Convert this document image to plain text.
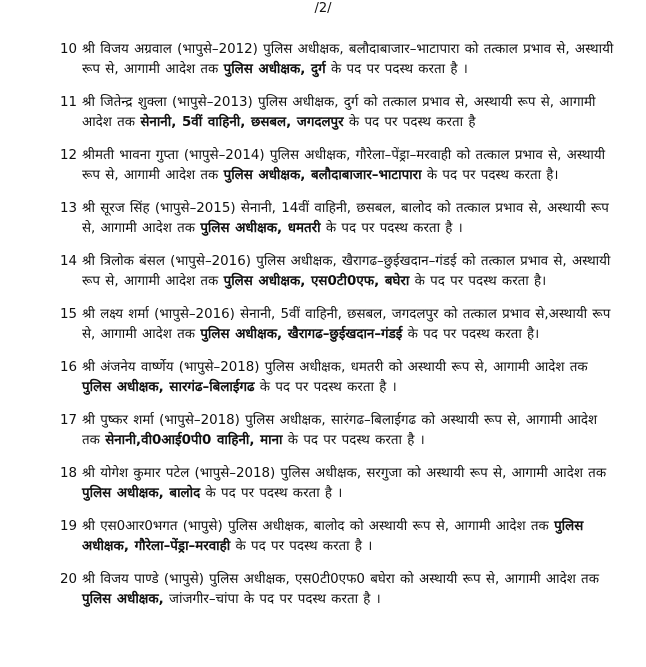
/2/
10 श्री विजय अग्रवाल (भापुसे–2012) पुलिस अधीक्षक, बलौदाबाजार–भाटापारा को तत्काल प्रभाव से, अस्थायी रूप से, आगामी आदेश तक पुलिस अधीक्षक, दुर्ग के पद पर पदस्थ करता है ।
11 श्री जितेन्द्र शुक्ला (भापुसे–2013) पुलिस अधीक्षक, दुर्ग को तत्काल प्रभाव से, अस्थायी रूप से, आगामी आदेश तक सेनानी, 5वीं वाहिनी, छसबल, जगदलपुर के पद पर पदस्थ करता है
12 श्रीमती भावना गुप्ता (भापुसे–2014) पुलिस अधीक्षक, गौरेला–पेंड्रा–मरवाही को तत्काल प्रभाव से, अस्थायी रूप से, आगामी आदेश तक पुलिस अधीक्षक, बलौदाबाजार–भाटापारा के पद पर पदस्थ करता है।
13 श्री सूरज सिंह (भापुसे–2015) सेनानी, 14वीं वाहिनी, छसबल, बालोद को तत्काल प्रभाव से, अस्थायी रूप से, आगामी आदेश तक पुलिस अधीक्षक, धमतरी के पद पर पदस्थ करता है ।
14 श्री त्रिलोक बंसल (भापुसे–2016) पुलिस अधीक्षक, खैरागढ–छुईखदान–गंडई को तत्काल प्रभाव से, अस्थायी रूप से, आगामी आदेश तक पुलिस अधीक्षक, एस0टी0एफ, बघेरा के पद पर पदस्थ करता है।
15 श्री लक्ष्य शर्मा (भापुसे–2016) सेनानी, 5वीं वाहिनी, छसबल, जगदलपुर को तत्काल प्रभाव से,अस्थायी रूप से, आगामी आदेश तक पुलिस अधीक्षक, खैरागढ–छुईखदान–गंडई के पद पर पदस्थ करता है।
16 श्री अंजनेय वार्ष्णेय (भापुसे–2018) पुलिस अधीक्षक, धमतरी को अस्थायी रूप से, आगामी आदेश तक पुलिस अधीक्षक, सारगंढ–बिलाईगढ के पद पर पदस्थ करता है ।
17 श्री पुष्कर शर्मा (भापुसे–2018) पुलिस अधीक्षक, सारंगढ–बिलाईगढ को अस्थायी रूप से, आगामी आदेश तक सेनानी,वी0आई0पी0 वाहिनी, माना के पद पर पदस्थ करता है ।
18 श्री योगेश कुमार पटेल (भापुसे–2018) पुलिस अधीक्षक, सरगुजा को अस्थायी रूप से, आगामी आदेश तक पुलिस अधीक्षक, बालोद के पद पर पदस्थ करता है ।
19 श्री एस0आर0भगत (भापुसे) पुलिस अधीक्षक, बालोद को अस्थायी रूप से, आगामी आदेश तक पुलिस अधीक्षक, गौरेला–पेंड्रा–मरवाही के पद पर पदस्थ करता है ।
20 श्री विजय पाण्डे (भापुसे) पुलिस अधीक्षक, एस0टी0एफ0 बघेरा को अस्थायी रूप से, आगामी आदेश तक पुलिस अधीक्षक, जांजगीर–चांपा के पद पर पदस्थ करता है ।
